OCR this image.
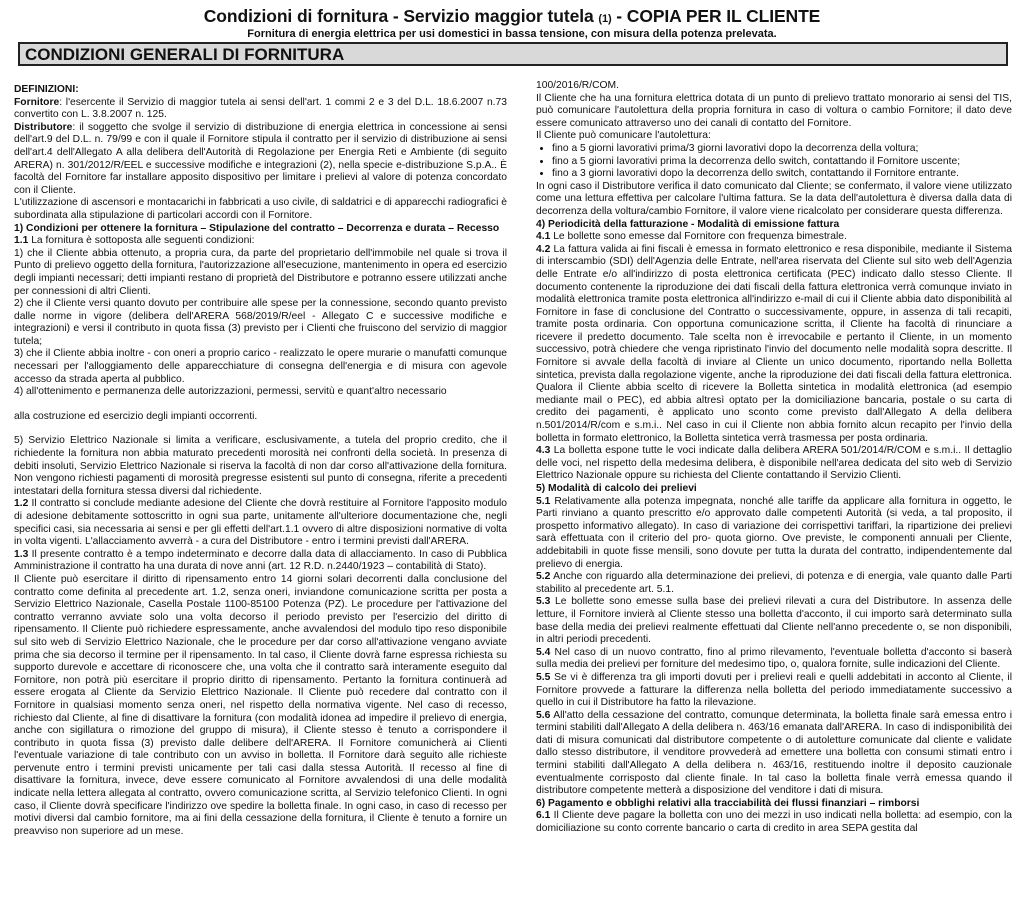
Condizioni di fornitura - Servizio maggior tutela (1) - COPIA PER IL CLIENTE
Fornitura di energia elettrica per usi domestici in bassa tensione, con misura della potenza prelevata.
CONDIZIONI GENERALI DI FORNITURA

DEFINIZIONI:

Fornitore: l'esercente il Servizio di maggior tutela ai sensi dell'art. 1 commi 2 e 3 del D.L. 18.6.2007 n.73 convertito con L. 3.8.2007 n. 125.

Distributore: il soggetto che svolge il servizio di distribuzione di energia elettrica in concessione ai sensi dell'art.9 del D.L. n. 79/99 e con il quale il Fornitore stipula il contratto per il servizio di distribuzione ai sensi dell'art.4 dell'Allegato A alla delibera dell'Autorità di Regolazione per Energia Reti e Ambiente (di seguito ARERA) n. 301/2012/R/EEL e successive modifiche e integrazioni (2), nella specie e-distribuzione S.p.A.. È facoltà del Fornitore far installare apposito dispositivo per limitare i prelievi al valore di potenza concordato con il Cliente.

L'utilizzazione di ascensori e montacarichi in fabbricati a uso civile, di saldatrici e di apparecchi radiografici è subordinata alla stipulazione di particolari accordi con il Fornitore.

1) Condizioni per ottenere la fornitura – Stipulazione del contratto – Decorrenza e durata – Recesso

1.1 La fornitura è sottoposta alle seguenti condizioni:

1) che il Cliente abbia ottenuto, a propria cura, da parte del proprietario dell'immobile nel quale si trova il Punto di prelievo oggetto della fornitura, l'autorizzazione all'esecuzione, mantenimento in opera ed esercizio degli impianti necessari; detti impianti restano di proprietà del Distributore e potranno essere utilizzati anche per connessioni di altri Clienti.

2) che il Cliente versi quanto dovuto per contribuire alle spese per la connessione, secondo quanto previsto dalle norme in vigore (delibera dell'ARERA 568/2019/R/eel - Allegato C e successive modifiche e integrazioni) e versi il contributo in quota fissa (3) previsto per i Clienti che fruiscono del servizio di maggior tutela;

3) che il Cliente abbia inoltre - con oneri a proprio carico - realizzato le opere murarie o manufatti comunque necessari per l'alloggiamento delle apparecchiature di consegna dell'energia e di misura con agevole accesso da strada aperta al pubblico.

4) all'ottenimento e permanenza delle autorizzazioni, permessi, servitù e quant'altro necessario

alla costruzione ed esercizio degli impianti occorrenti.

5) Servizio Elettrico Nazionale si limita a verificare, esclusivamente, a tutela del proprio credito, che il richiedente la fornitura non abbia maturato precedenti morosità nei confronti della società. In presenza di debiti insoluti, Servizio Elettrico Nazionale si riserva la facoltà di non dar corso all'attivazione della fornitura. Non vengono richiesti pagamenti di morosità pregresse esistenti sul punto di consegna, riferite a precedenti intestatari della fornitura stessa diversi dal richiedente.

1.2 Il contratto si conclude mediante adesione del Cliente che dovrà restituire al Fornitore l'apposito modulo di adesione debitamente sottoscritto in ogni sua parte, unitamente all'ulteriore documentazione che, negli specifici casi, sia necessaria ai sensi e per gli effetti dell'art.1.1 ovvero di altre disposizioni normative di volta in volta vigenti. L'allacciamento avverrà - a cura del Distributore - entro i termini previsti dall'ARERA.

1.3 Il presente contratto è a tempo indeterminato e decorre dalla data di allacciamento. In caso di Pubblica Amministrazione il contratto ha una durata di nove anni (art. 12 R.D. n.2440/1923 – contabilità di Stato).

Il Cliente può esercitare il diritto di ripensamento entro 14 giorni solari decorrenti dalla conclusione del contratto come definita al precedente art. 1.2, senza oneri, inviandone comunicazione scritta per posta a Servizio Elettrico Nazionale, Casella Postale 1100-85100 Potenza (PZ). Le procedure per l'attivazione del contratto verranno avviate solo una volta decorso il periodo previsto per l'esercizio del diritto di ripensamento. Il Cliente può richiedere espressamente, anche avvalendosi del modulo tipo reso disponibile sul sito web di Servizio Elettrico Nazionale, che le procedure per dar corso all'attivazione vengano avviate prima che sia decorso il termine per il ripensamento. In tal caso, il Cliente dovrà farne espressa richiesta su supporto durevole e accettare di riconoscere che, una volta che il contratto sarà interamente eseguito dal Fornitore, non potrà più esercitare il proprio diritto di ripensamento. Pertanto la fornitura continuerà ad essere erogata al Cliente da Servizio Elettrico Nazionale. Il Cliente può recedere dal contratto con il Fornitore in qualsiasi momento senza oneri, nel rispetto della normativa vigente. Nel caso di recesso, richiesto dal Cliente, al fine di disattivare la fornitura (con modalità idonea ad impedire il prelievo di energia, anche con sigillatura o rimozione del gruppo di misura), il Cliente stesso è tenuto a corrispondere il contributo in quota fissa (3) previsto dalle delibere dell'ARERA. Il Fornitore comunicherà ai Clienti l'eventuale variazione di tale contributo con un avviso in bolletta. Il Fornitore darà seguito alle richieste pervenute entro i termini previsti unicamente per tali casi dalla stessa Autorità. Il recesso al fine di disattivare la fornitura, invece, deve essere comunicato al Fornitore avvalendosi di una delle modalità indicate nella lettera allegata al contratto, ovvero comunicazione scritta, al Servizio telefonico Clienti. In ogni caso, il Cliente dovrà specificare l'indirizzo ove spedire la bolletta finale. In ogni caso, in caso di recesso per motivi diversi dal cambio fornitore, ma ai fini della cessazione della fornitura, il Cliente è tenuto a fornire un preavviso non superiore ad un mese.

100/2016/R/COM.

Il Cliente che ha una fornitura elettrica dotata di un punto di prelievo trattato monorario ai sensi del TIS, può comunicare l'autolettura della propria fornitura in caso di voltura o cambio Fornitore; il dato deve essere comunicato attraverso uno dei canali di contatto del Fornitore.

Il Cliente può comunicare l'autolettura:

• fino a 5 giorni lavorativi prima/3 giorni lavorativi dopo la decorrenza della voltura;
• fino a 5 giorni lavorativi prima la decorrenza dello switch, contattando il Fornitore uscente;
• fino a 3 giorni lavorativi dopo la decorrenza dello switch, contattando il Fornitore entrante.

In ogni caso il Distributore verifica il dato comunicato dal Cliente; se confermato, il valore viene utilizzato come una lettura effettiva per calcolare l'ultima fattura. Se la data dell'autolettura è diversa dalla data di decorrenza della voltura/cambio Fornitore, il valore viene ricalcolato per considerare questa differenza.

4) Periodicità della fatturazione - Modalità di emissione fattura

4.1 Le bollette sono emesse dal Fornitore con frequenza bimestrale.

4.2 La fattura valida ai fini fiscali è emessa in formato elettronico e resa disponibile, mediante il Sistema di interscambio (SDI) dell'Agenzia delle Entrate, nell'area riservata del Cliente sul sito web dell'Agenzia delle Entrate e/o all'indirizzo di posta elettronica certificata (PEC) indicato dallo stesso Cliente. Il documento contenente la riproduzione dei dati fiscali della fattura elettronica verrà comunque inviato in modalità elettronica tramite posta elettronica all'indirizzo e-mail di cui il Cliente abbia dato disponibilità al Fornitore in fase di conclusione del Contratto o successivamente, oppure, in assenza di tali recapiti, tramite posta ordinaria. Con opportuna comunicazione scritta, il Cliente ha facoltà di rinunciare a ricevere il predetto documento. Tale scelta non è irrevocabile e pertanto il Cliente, in un momento successivo, potrà chiedere che venga ripristinato l'invio del documento nelle modalità sopra descritte. Il Fornitore si avvale della facoltà di inviare al Cliente un unico documento, riportando nella Bolletta sintetica, prevista dalla regolazione vigente, anche la riproduzione dei dati fiscali della fattura elettronica. Qualora il Cliente abbia scelto di ricevere la Bolletta sintetica in modalità elettronica (ad esempio mediante mail o PEC), ed abbia altresì optato per la domiciliazione bancaria, postale o su carta di credito dei pagamenti, è applicato uno sconto come previsto dall'Allegato A della delibera n.501/2014/R/com e s.m.i.. Nel caso in cui il Cliente non abbia fornito alcun recapito per l'invio della bolletta in formato elettronico, la Bolletta sintetica verrà trasmessa per posta ordinaria.

4.3 La bolletta espone tutte le voci indicate dalla delibera ARERA 501/2014/R/COM e s.m.i.. Il dettaglio delle voci, nel rispetto della medesima delibera, è disponibile nell'area dedicata del sito web di Servizio Elettrico Nazionale oppure su richiesta del Cliente contattando il Servizio Clienti.

5) Modalità di calcolo dei prelievi

5.1 Relativamente alla potenza impegnata, nonché alle tariffe da applicare alla fornitura in oggetto, le Parti rinviano a quanto prescritto e/o approvato dalle competenti Autorità (si veda, a tal proposito, il prospetto informativo allegato). In caso di variazione dei corrispettivi tariffari, la ripartizione dei prelievi sarà effettuata con il criterio del pro- quota giorno. Ove previste, le componenti annuali per Cliente, addebitabili in quote fisse mensili, sono dovute per tutta la durata del contratto, indipendentemente dal prelievo di energia.

5.2 Anche con riguardo alla determinazione dei prelievi, di potenza e di energia, vale quanto dalle Parti stabilito al precedente art. 5.1.

5.3 Le bollette sono emesse sulla base dei prelievi rilevati a cura del Distributore. In assenza delle letture, il Fornitore invierà al Cliente stesso una bolletta d'acconto, il cui importo sarà determinato sulla base della media dei prelievi realmente effettuati dal Cliente nell'anno precedente o, se non disponibili, in altri periodi precedenti.

5.4 Nel caso di un nuovo contratto, fino al primo rilevamento, l'eventuale bolletta d'acconto si baserà sulla media dei prelievi per forniture del medesimo tipo, o, qualora fornite, sulle indicazioni del Cliente.

5.5 Se vi è differenza tra gli importi dovuti per i prelievi reali e quelli addebitati in acconto al Cliente, il Fornitore provvede a fatturare la differenza nella bolletta del periodo immediatamente successivo a quello in cui il Distributore ha fatto la rilevazione.

5.6 All'atto della cessazione del contratto, comunque determinata, la bolletta finale sarà emessa entro i termini stabiliti dall'Allegato A della delibera n. 463/16 emanata dall'ARERA. In caso di indisponibilità dei dati di misura comunicati dal distributore competente o di autoletture comunicate dal cliente e validate dallo stesso distributore, il venditore provvederà ad emettere una bolletta con consumi stimati entro i termini stabiliti dall'Allegato A della delibera n. 463/16, restituendo inoltre il deposito cauzionale eventualmente corrisposto dal cliente finale. In tal caso la bolletta finale verrà emessa quando il distributore competente metterà a disposizione del venditore i dati di misura.

6) Pagamento e obblighi relativi alla tracciabilità dei flussi finanziari – rimborsi

6.1 Il Cliente deve pagare la bolletta con uno dei mezzi in uso indicati nella bolletta: ad esempio, con la domiciliazione su conto corrente bancario o carta di credito in area SEPA gestita dal
